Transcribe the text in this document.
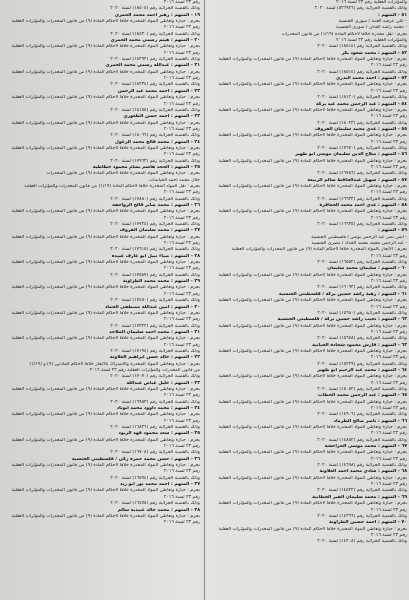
والمؤثرات العقلية رقم ٢٣ لسنة ٢٠١٦
وذلك بالقضية الجزائية رقم (٥٢٦٩٢٦) لسنة ٢٠٢٠
٥١ - المتهم :
- علي عرفيه العتبة / سوري الجنسية
- محمد راشد الجنان / سوري الجنسية
بجرم : نقل مخدرة خلافاً لأحكام المادة (١/١٩) من قانون المخدرات
والمؤثرات العقلية رقم ٢٣ لسنة ٢٠١٦
وذلك بالقضية الجزائية رقم (١٨٥١٤) لسنة ٢٠٢٠
٥٢ - المتهم : محمد سعود بكر
بجرم : حيازة وتعاطي المواد المخدرة خلافاً لأحكام المادة (٩) من قانون المخدرات والمؤثرات العقلية
رقم ٢٣ لسنة ٢٠١٦
وذلك بالقضية الجزائية رقم (١٨٥١٤) لسنة ٢٠٢٠
٥٣ - المتهم : احمد محمد البدري
بجرم : حيازة وتعاطي المواد المخدرة خلافاً لأحكام المادة (٩) من قانون المخدرات والمؤثرات العقلية
رقم ٢٣ لسنة ٢٠١٦
وذلك بالقضية الجزائية رقم (١٨١٢٠) لسنة ٢٠٢٠
٥٤ - المتهم : عبد الرحمن محمد عيد بركة
بجرم : حيازة وتعاطي المواد المخدرة خلافاً لأحكام المادة (٩) من قانون المخدرات والمؤثرات العقلية
رقم ٢٣ لسنة ٢٠١٦
وذلك بالقضية الجزائية رقم (١٨٠٢٣) لسنة ٢٠٢٠
٥٥ - المتهم : عدي محمد سليمان الفروف
بجرم : حيازة وتعاطي المواد المخدرة خلافاً لأحكام المادة (٩) من قانون المخدرات والمؤثرات العقلية
رقم ٢٣ لسنة ٢٠١٦
وذلك بالقضية الجزائية رقم (١٧٦٧٠) لسنة ٢٠٢٠
٥٦ - المتهم : صلاح الدين سليمان موسى ابو ظهير
بجرم : حيازة وتعاطي المواد المخدرة خلافاً لأحكام المادة (٩) من قانون المخدرات والمؤثرات العقلية
رقم ٢٣ لسنة ٢٠١٦
وذلك بالقضية الجزائية رقم (١٦٧٨٦) لسنة ٢٠٢٠
٥٧ - المتهم : سهيل عبدالحافظ سالم الربيعة
بجرم : حيازة وتعاطي المواد المخدرة خلافاً لأحكام المادة (٩) من قانون المخدرات والمؤثرات العقلية
رقم ٢٣ لسنة ٢٠١٦
وذلك بالقضية الجزائية رقم (١٦٦٣٣) لسنة ٢٠٢٠
٥٨ - المتهم : عدي احمد محمد الجعافرة
بجرم : حيازة وتعاطي المواد المخدرة خلافاً لأحكام المادة (٩) من قانون المخدرات والمؤثرات العقلية
رقم ٢٣ لسنة ٢٠١٦
وذلك بالقضية الجزائية رقم (١٦٦٣٥) لسنة ٢٠٢٠
٥٩ - المتهم :
- انس نصر عبد الرحمن يونس / فلسطيني الجنسية
- عبد الرحمن محمد محمد الحداد / مصري الجنسية
بجرم : الاتجار بالمواد المخدرة خلافاً لأحكام المادة (٩) من قانون المخدرات والمؤثرات العقلية
رقم ٢٣ لسنة ٢٠١٦
وذلك بالقضية الجزائية رقم (١٦٥٥٢) لسنة ٢٠٢٠
٦٠ - المتهم : سليمان محمد سليمان
بجرم : حيازة وتعاطي المواد المخدرة خلافاً لأحكام المادة (٩) من قانون المخدرات والمؤثرات العقلية
رقم ٢٣ لسنة ٢٠١٦
وذلك بالقضية الجزائية رقم (١٦٠٩٣) لسنة ٢٠٢٠
٦١ - المتهم : رهبة راشد حسين بركة / فلسطيني الجنسية
بجرم : حيازة وتعاطي المواد المخدرة خلافاً لأحكام المادة (٩) من قانون المخدرات والمؤثرات العقلية
رقم ٢٣ لسنة ٢٠١٦
وذلك بالقضية الجزائية رقم (١٥٦٨٠) لسنة ٢٠٢٠
٦٢ - المتهم : نجيب راشد حسين بركة / فلسطيني الجنسية
بجرم : حيازة وتعاطي المواد المخدرة خلافاً لأحكام المادة (٩) من قانون المخدرات والمؤثرات العقلية
رقم ٢٣ لسنة ٢٠١٦
وذلك بالقضية الجزائية رقم (١٥٦٧٨) لسنة ٢٠٢٠
٦٣ - المتهم : فارس محمود شحادة الحيانية
بجرم : حيازة وتعاطي المواد المخدرة خلافاً لأحكام المادة (٩) من قانون المخدرات والمؤثرات العقلية
رقم ٢٣ لسنة ٢٠١٦
وذلك بالقضية الجزائية رقم (١٥٢٢٩) لسنة ٢٠٢٠
٦٤ - المتهم : محمد عبد الرحيم ابو ظهير
بجرم : حيازة وتعاطي المواد المخدرة خلافاً لأحكام المادة (٩) من قانون المخدرات والمؤثرات العقلية
رقم ٢٣ لسنة ٢٠١٦
وذلك بالقضية الجزائية رقم (١٥٠٨٢) لسنة ٢٠٢٠
٦٥ - المتهم : عبد الرحمن محمد الخطاب
بجرم : حيازة وتعاطي المواد المخدرة خلافاً لأحكام المادة (٩) من قانون المخدرات والمؤثرات العقلية
رقم ٢٣ لسنة ٢٠١٦
وذلك بالقضية الجزائية رقم (١٤٩٠٦) لسنة ٢٠٢٠
٦٦ - المتهم : ناصر صالح الطرماد
بجرم : حيازة وتعاطي المواد المخدرة خلافاً لأحكام المادة (٩) من قانون المخدرات والمؤثرات العقلية
رقم ٢٣ لسنة ٢٠١٦
وذلك بالقضية الجزائية رقم (١٤٨٨٢) لسنة ٢٠٢٠
٦٧ - المتهم : محمد موسى الحراحشة
بجرم : حيازة وتعاطي المواد المخدرة خلافاً لأحكام المادة (٩) من قانون المخدرات والمؤثرات العقلية
رقم ٢٣ لسنة ٢٠١٦
وذلك بالقضية الجزائية رقم (١٤٦٩٨) لسنة ٢٠٢٠
٦٨ - المتهم : شادي محمد احمد العلاونة
بجرم : حيازة وتعاطي المواد المخدرة خلافاً لأحكام المادة (٩) من قانون المخدرات والمؤثرات العقلية
رقم ٢٣ لسنة ٢٠١٦
وذلك بالقضية الجزائية رقم (١٤٥٢٢) لسنة ٢٠٢٠
٦٩ - المتهم : محمد سليمان الفيز الخطابية
بجرم : حيازة وتعاطي المواد المخدرة خلافاً لأحكام المادة (٩) من قانون المخدرات والمؤثرات العقلية
رقم ٢٣ لسنة ٢٠١٦
وذلك بالقضية الجزائية رقم (١٤٣٦٦) لسنة ٢٠٢٠
٧٠ - المتهم : احمد حسين الطراونة
بجرم : حيازة وتعاطي المواد المخدرة خلافاً لأحكام المادة (٩) من قانون المخدرات والمؤثرات العقلية
رقم ٢٣ لسنة ٢٠١٦
وذلك بالقضية الجزائية رقم (١٤٢٠٨) لسنة ٢٠٢٠
رقم ٢٣ لسنة ٢٠١٦
وذلك بالقضية الجزائية رقم (١٨٥٠٥) لسنة ٢٠٢٠
١٩ - المتهم : زهير احمد محمد الحمري
بجرم : حيازة وتعاطي المواد المخدرة خلافاً لأحكام المادة (٩) من قانون المخدرات والمؤثرات العقلية
رقم ٢٣ لسنة ٢٠١٦
وذلك بالقضية الجزائية رقم (١٨٤٣٠) لسنة ٢٠٢٠
٢٠ - المتهم : هيثم رسمي محمد الحمري
بجرم : حيازة وتعاطي المواد المخدرة خلافاً لأحكام المادة (٩) من قانون المخدرات والمؤثرات العقلية
رقم ٢٣ لسنة ٢٠١٦
وذلك بالقضية الجزائية رقم (١٨٢٩٢) لسنة ٢٠٢٠
٢١ - المتهم : عبدالله رسمي محمد الحمري
بجرم : حيازة وتعاطي المواد المخدرة خلافاً لأحكام المادة (٩) من قانون المخدرات والمؤثرات العقلية
رقم ٢٣ لسنة ٢٠١٦
وذلك بالقضية الجزائية رقم (١٨٢٣٤) لسنة ٢٠٢٠
٢٢ - المتهم : احمد محمد عبد الرحمن
بجرم : حيازة وتعاطي المواد المخدرة خلافاً لأحكام المادة (٩) من قانون المخدرات والمؤثرات العقلية
رقم ٢٣ لسنة ٢٠١٦
وذلك بالقضية الجزائية رقم (١٨١٥٥) لسنة ٢٠٢٠
٢٣ - المتهم : احمد حسن الطعوري
بجرم : حيازة وتعاطي المواد المخدرة خلافاً لأحكام المادة (٩) من قانون المخدرات والمؤثرات العقلية
رقم ٢٣ لسنة ٢٠١٦
وذلك بالقضية الجزائية رقم (١٨٠٦٦) لسنة ٢٠٢٠
٢٤ - المتهم : محمد فالح محمد الزعول
بجرم : حيازة وتعاطي المواد المخدرة خلافاً لأحكام المادة (٩) من قانون المخدرات والمؤثرات العقلية
رقم ٢٣ لسنة ٢٠١٦
وذلك بالقضية الجزائية رقم (١٧٩٦٣) لسنة ٢٠٢٠
٢٥ - المتهم : الحجد هاشم بسام محمود خطاطية
بجرم : حيازة وتعاطي المواد المخدرة خلافاً لأحكام المادة (٩) من قانون المخدرات
جلال محمد احمد الحياصات
بجرم : نقل المواد المخدرة خلافاً لأحكام المادة (١/١٩) من قانون المخدرات والمؤثرات العقلية
رقم ٢٣ لسنة ٢٠١٦
وذلك بالقضية الجزائية رقم (١٧٨٥٠) لسنة ٢٠٢٠
٢٦ - المتهم : محمد صابر فالح الرواجفة
بجرم : حيازة وتعاطي المواد المخدرة خلافاً لأحكام المادة (٩) من قانون المخدرات والمؤثرات العقلية
رقم ٢٣ لسنة ٢٠١٦
وذلك بالقضية الجزائية رقم (١٧٧٢٤) لسنة ٢٠٢٠
٢٧ - المتهم : محمد سليمان الفروف
بجرم : حيازة وتعاطي المواد المخدرة خلافاً لأحكام المادة (٩) من قانون المخدرات والمؤثرات العقلية
رقم ٢٣ لسنة ٢٠١٦
وذلك بالقضية الجزائية رقم (١٧٦١٥) لسنة ٢٠٢٠
٢٨ - المتهم : ضياء نبيل ابو عارف عبيدة
بجرم : حيازة وتعاطي المواد المخدرة خلافاً لأحكام المادة (٩) من قانون المخدرات والمؤثرات العقلية
رقم ٢٣ لسنة ٢٠١٦
وذلك بالقضية الجزائية رقم (١٧٥٨٧) لسنة ٢٠٢٠
٢٩ - المتهم : محمد محمد الطراونة
بجرم : حيازة وتعاطي المواد المخدرة خلافاً لأحكام المادة (٩) من قانون المخدرات والمؤثرات العقلية
رقم ٢٣ لسنة ٢٠١٦
وذلك بالقضية الجزائية رقم (١٧٤٥٠) لسنة ٢٠٢٠
٣٠ - المتهم : امين عبدالله مصطفى الحماد
بجرم : حيازة وتعاطي المواد المخدرة خلافاً لأحكام المادة (٩) من قانون المخدرات والمؤثرات العقلية
رقم ٢٣ لسنة ٢٠١٦
وذلك بالقضية الجزائية رقم (١٧٣٢٢) لسنة ٢٠٢٠
٣١ - المتهم : محمد احمد سليمان الملاجد
بجرم : حيازة وتعاطي المواد المخدرة خلافاً لأحكام المادة (٩) من قانون المخدرات والمؤثرات العقلية
رقم ٢٣ لسنة ٢٠١٦
وذلك بالقضية الجزائية رقم (١٧١٩٤) لسنة ٢٠٢٠
٣٢ - المتهم : خالد حسن ابراهيم العلاونة
بجرم : حيازة وتعاطي المواد المخدرة والاشتراك بالاتجار خلافاً لأحكام المادتين (٩) و (١/١٩)
من قانون المخدرات والمؤثرات العقلية رقم ٢٣ لسنة ٢٠١٦
وذلك بالقضية الجزائية رقم (١٧٠٧٠) لسنة ٢٠٢٠
٣٣ - المتهم : خليل عياض عبدالله
بجرم : حيازة وتعاطي المواد المخدرة خلافاً لأحكام المادة (٩) من قانون المخدرات والمؤثرات العقلية
رقم ٢٣ لسنة ٢٠١٦
وذلك بالقضية الجزائية رقم (١٦٩٥٣) لسنة ٢٠٢٠
٣٤ - المتهم : محمد داوود محمد ابوناد
بجرم : حيازة وتعاطي المواد المخدرة خلافاً لأحكام المادة (٩) من قانون المخدرات والمؤثرات العقلية
رقم ٢٣ لسنة ٢٠١٦
وذلك بالقضية الجزائية رقم (١٦٨٢٦) لسنة ٢٠٢٠
٣٥ - المتهم : سعد محمود فهد الزيود
بجرم : حيازة وتعاطي المواد المخدرة خلافاً لأحكام المادة (٩) من قانون المخدرات والمؤثرات العقلية
رقم ٢٣ لسنة ٢٠١٦
وذلك بالقضية الجزائية رقم (١٦٧٠٨) لسنة ٢٠٢٠
٣٦ - المتهم : حسن محمد حمزة زكي / فلسطيني الجنسية
بجرم : حيازة وتعاطي المواد المخدرة خلافاً لأحكام المادة (٩) من قانون المخدرات والمؤثرات العقلية
رقم ٢٣ لسنة ٢٠١٦
وذلك بالقضية الجزائية رقم (١٦٥٩٤) لسنة ٢٠٢٠
٣٧ - المتهم : احمد محمد نور ابو زيد
بجرم : حيازة وتعاطي المواد المخدرة خلافاً لأحكام المادة (٩) من قانون المخدرات والمؤثرات العقلية
رقم ٢٣ لسنة ٢٠١٦
وذلك بالقضية الجزائية رقم (١٦٤٧٥) لسنة ٢٠٢٠
٣٨ - المتهم : محمد خالد عبيدية سالم
بجرم : حيازة وتعاطي المواد المخدرة خلافاً لأحكام المادة (٩) من قانون المخدرات والمؤثرات العقلية
رقم ٢٣ لسنة ٢٠١٦
